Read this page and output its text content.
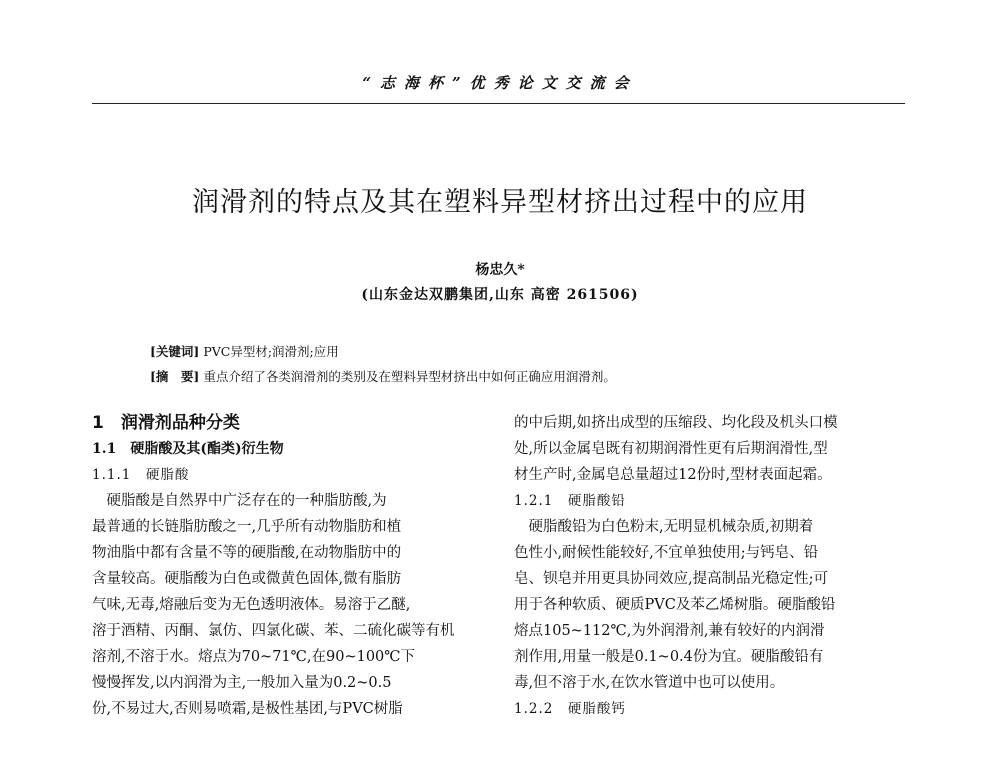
“志海杯”优秀论文交流会
润滑剂的特点及其在塑料异型材挤出过程中的应用
杨忠久*
(山东金达双鹏集团,山东 高密 261506)
[关键词] PVC异型材;润滑剂;应用
[摘　要] 重点介绍了各类润滑剂的类别及在塑料异型材挤出中如何正确应用润滑剂。

1　润滑剂品种分类

1.1　硬脂酸及其(酯类)衍生物

1.1.1　硬脂酸

　硬脂酸是自然界中广泛存在的一种脂肪酸,为

最普通的长链脂肪酸之一,几乎所有动物脂肪和植

物油脂中都有含量不等的硬脂酸,在动物脂肪中的

含量较高。硬脂酸为白色或微黄色固体,微有脂肪

气味,无毒,熔融后变为无色透明液体。易溶于乙醚,

溶于酒精、丙酮、氯仿、四氯化碳、苯、二硫化碳等有机

溶剂,不溶于水。熔点为70~71℃,在90~100℃下

慢慢挥发,以内润滑为主,一般加入量为0.2~0.5

份,不易过大,否则易喷霜,是极性基团,与PVC树脂

的中后期,如挤出成型的压缩段、均化段及机头口模

处,所以金属皂既有初期润滑性更有后期润滑性,型

材生产时,金属皂总量超过12份时,型材表面起霜。

1.2.1　硬脂酸铅

　硬脂酸铅为白色粉末,无明显机械杂质,初期着

色性小,耐候性能较好,不宜单独使用;与钙皂、铅

皂、钡皂并用更具协同效应,提高制品光稳定性;可

用于各种软质、硬质PVC及苯乙烯树脂。硬脂酸铅

熔点105~112℃,为外润滑剂,兼有较好的内润滑

剂作用,用量一般是0.1~0.4份为宜。硬脂酸铅有

毒,但不溶于水,在饮水管道中也可以使用。

1.2.2　硬脂酸钙
